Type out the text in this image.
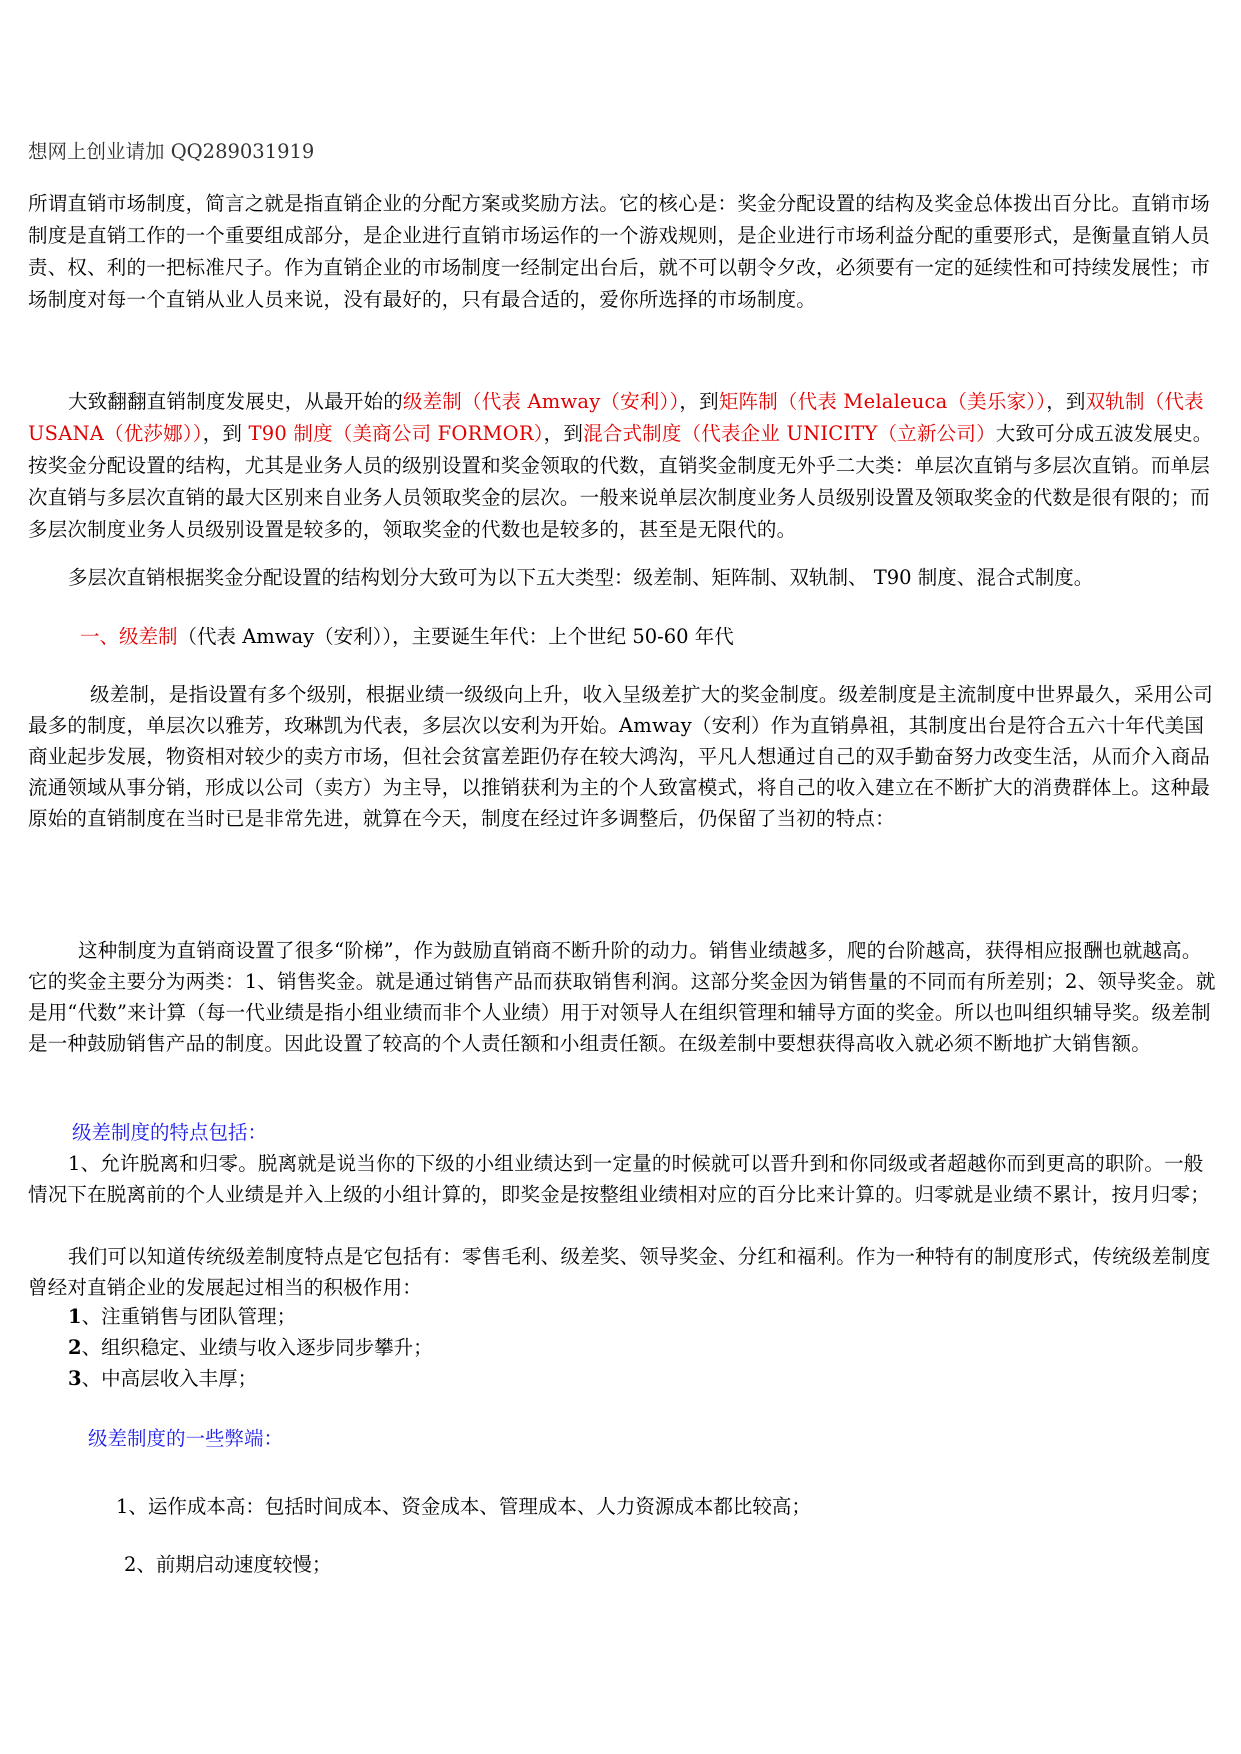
想网上创业请加 QQ289031919

所谓直销市场制度，简言之就是指直销企业的分配方案或奖励方法。它的核心是：奖金分配设置的结构及奖金总体拨出百分比。直销市场制度是直销工作的一个重要组成部分，是企业进行直销市场运作的一个游戏规则，是企业进行市场利益分配的重要形式，是衡量直销人员责、权、利的一把标准尺子。作为直销企业的市场制度一经制定出台后，就不可以朝令夕改，必须要有一定的延续性和可持续发展性；市场制度对每一个直销从业人员来说，没有最好的，只有最合适的，爱你所选择的市场制度。

大致翻翻直销制度发展史，从最开始的级差制（代表 Amway（安利）），到矩阵制（代表 Melaleuca（美乐家）），到双轨制（代表 USANA（优莎娜）），到 T90 制度（美商公司 FORMOR），到混合式制度（代表企业 UNICITY（立新公司）大致可分成五波发展史。按奖金分配设置的结构，尤其是业务人员的级别设置和奖金领取的代数，直销奖金制度无外乎二大类：单层次直销与多层次直销。而单层次直销与多层次直销的最大区别来自业务人员领取奖金的层次。一般来说单层次制度业务人员级别设置及领取奖金的代数是很有限的；而多层次制度业务人员级别设置是较多的，领取奖金的代数也是较多的，甚至是无限代的。

多层次直销根据奖金分配设置的结构划分大致可为以下五大类型：级差制、矩阵制、双轨制、 T90 制度、混合式制度。

一、级差制（代表 Amway（安利）），主要诞生年代：上个世纪 50-60 年代

级差制，是指设置有多个级别，根据业绩一级级向上升，收入呈级差扩大的奖金制度。级差制度是主流制度中世界最久，采用公司最多的制度，单层次以雅芳，玫琳凯为代表，多层次以安利为开始。Amway（安利）作为直销鼻祖，其制度出台是符合五六十年代美国商业起步发展，物资相对较少的卖方市场，但社会贫富差距仍存在较大鸿沟，平凡人想通过自己的双手勤奋努力改变生活，从而介入商品流通领域从事分销，形成以公司（卖方）为主导，以推销获利为主的个人致富模式，将自己的收入建立在不断扩大的消费群体上。这种最原始的直销制度在当时已是非常先进，就算在今天，制度在经过许多调整后，仍保留了当初的特点：

这种制度为直销商设置了很多“阶梯”，作为鼓励直销商不断升阶的动力。销售业绩越多，爬的台阶越高，获得相应报酬也就越高。它的奖金主要分为两类：1、销售奖金。就是通过销售产品而获取销售利润。这部分奖金因为销售量的不同而有所差别；2、领导奖金。就是用“代数”来计算（每一代业绩是指小组业绩而非个人业绩）用于对领导人在组织管理和辅导方面的奖金。所以也叫组织辅导奖。级差制是一种鼓励销售产品的制度。因此设置了较高的个人责任额和小组责任额。在级差制中要想获得高收入就必须不断地扩大销售额。

级差制度的特点包括：

1、允许脱离和归零。脱离就是说当你的下级的小组业绩达到一定量的时候就可以晋升到和你同级或者超越你而到更高的职阶。一般情况下在脱离前的个人业绩是并入上级的小组计算的，即奖金是按整组业绩相对应的百分比来计算的。归零就是业绩不累计，按月归零；

我们可以知道传统级差制度特点是它包括有：零售毛利、级差奖、领导奖金、分红和福利。作为一种特有的制度形式，传统级差制度曾经对直销企业的发展起过相当的积极作用：

1、注重销售与团队管理；

2、组织稳定、业绩与收入逐步同步攀升；

3、中高层收入丰厚；

级差制度的一些弊端：

1、运作成本高：包括时间成本、资金成本、管理成本、人力资源成本都比较高；

2、前期启动速度较慢；
